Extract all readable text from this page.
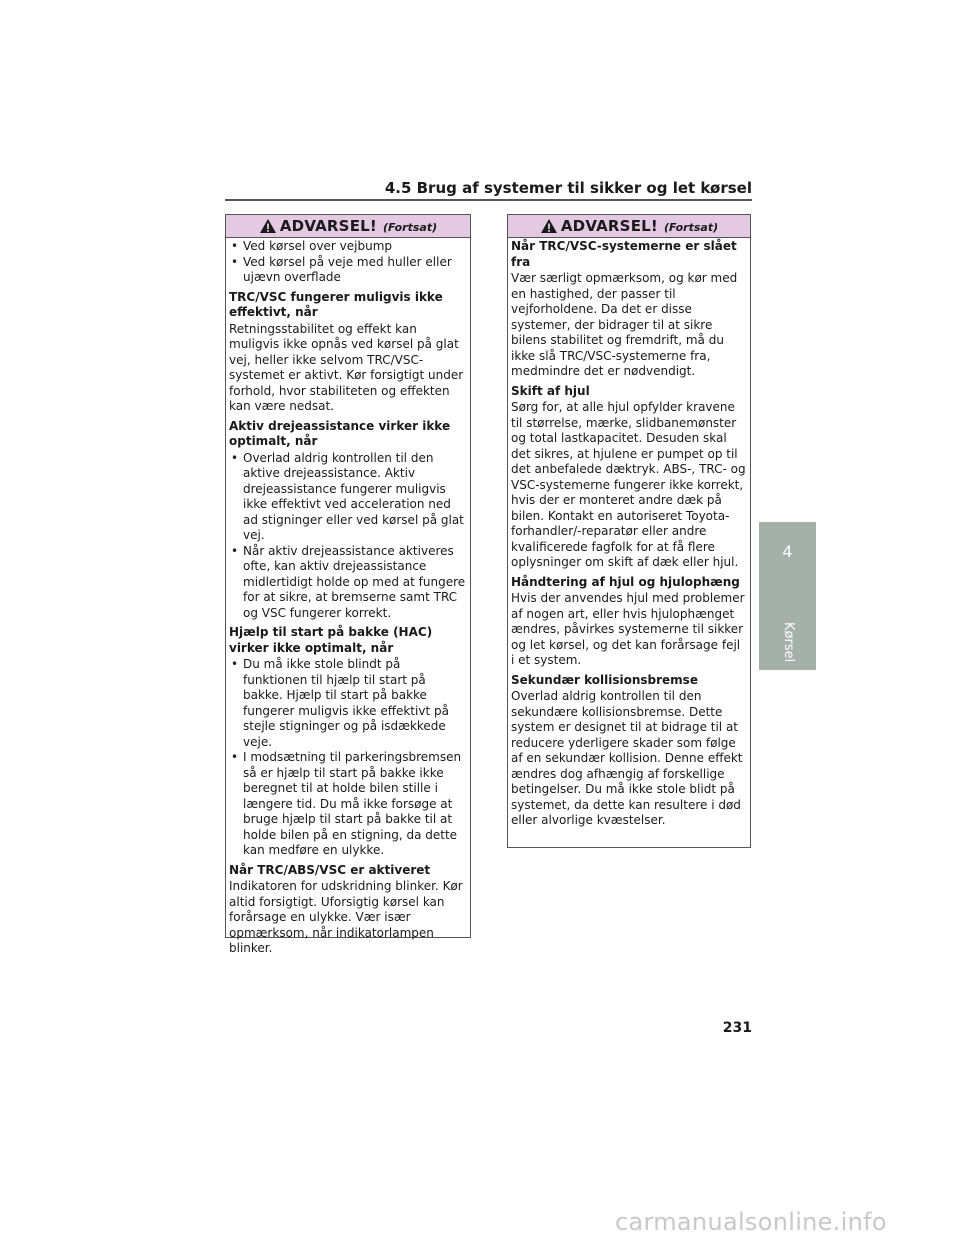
4.5 Brug af systemer til sikker og let kørsel
ADVARSEL! (Fortsat)
• Ved kørsel over vejbump
• Ved kørsel på veje med huller eller ujævn overflade
TRC/VSC fungerer muligvis ikke effektivt, når

Retningsstabilitet og effekt kan muligvis ikke opnås ved kørsel på glat vej, heller ikke selvom TRC/VSC-systemet er aktivt. Kør forsigtigt under forhold, hvor stabiliteten og effekten kan være nedsat.

Aktiv drejeassistance virker ikke optimalt, når
• Overlad aldrig kontrollen til den aktive drejeassistance. Aktiv drejeassistance fungerer muligvis ikke effektivt ved acceleration ned ad stigninger eller ved kørsel på glat vej.
• Når aktiv drejeassistance aktiveres ofte, kan aktiv drejeassistance midlertidigt holde op med at fungere for at sikre, at bremserne samt TRC og VSC fungerer korrekt.
Hjælp til start på bakke (HAC) virker ikke optimalt, når
• Du må ikke stole blindt på funktionen til hjælp til start på bakke. Hjælp til start på bakke fungerer muligvis ikke effektivt på stejle stigninger og på isdækkede veje.
• I modsætning til parkeringsbremsen så er hjælp til start på bakke ikke beregnet til at holde bilen stille i længere tid. Du må ikke forsøge at bruge hjælp til start på bakke til at holde bilen på en stigning, da dette kan medføre en ulykke.
Når TRC/ABS/VSC er aktiveret

Indikatoren for udskridning blinker. Kør altid forsigtigt. Uforsigtig kørsel kan forårsage en ulykke. Vær især opmærksom, når indikatorlampen blinker.

ADVARSEL! (Fortsat)
Når TRC/VSC-systemerne er slået fra

Vær særligt opmærksom, og kør med en hastighed, der passer til vejforholdene. Da det er disse systemer, der bidrager til at sikre bilens stabilitet og fremdrift, må du ikke slå TRC/VSC-systemerne fra, medmindre det er nødvendigt.

Skift af hjul

Sørg for, at alle hjul opfylder kravene til størrelse, mærke, slidbanemønster og total lastkapacitet. Desuden skal det sikres, at hjulene er pumpet op til det anbefalede dæktryk. ABS-, TRC- og VSC-systemerne fungerer ikke korrekt, hvis der er monteret andre dæk på bilen. Kontakt en autoriseret Toyota-forhandler/-reparatør eller andre kvalificerede fagfolk for at få flere oplysninger om skift af dæk eller hjul.

Håndtering af hjul og hjulophæng

Hvis der anvendes hjul med problemer af nogen art, eller hvis hjulophænget ændres, påvirkes systemerne til sikker og let kørsel, og det kan forårsage fejl i et system.

Sekundær kollisionsbremse

Overlad aldrig kontrollen til den sekundære kollisionsbremse. Dette system er designet til at bidrage til at reducere yderligere skader som følge af en sekundær kollision. Denne effekt ændres dog afhængig af forskellige betingelser. Du må ikke stole blidt på systemet, da dette kan resultere i død eller alvorlige kvæstelser.

4
Kørsel
231
carmanualsonline.info
